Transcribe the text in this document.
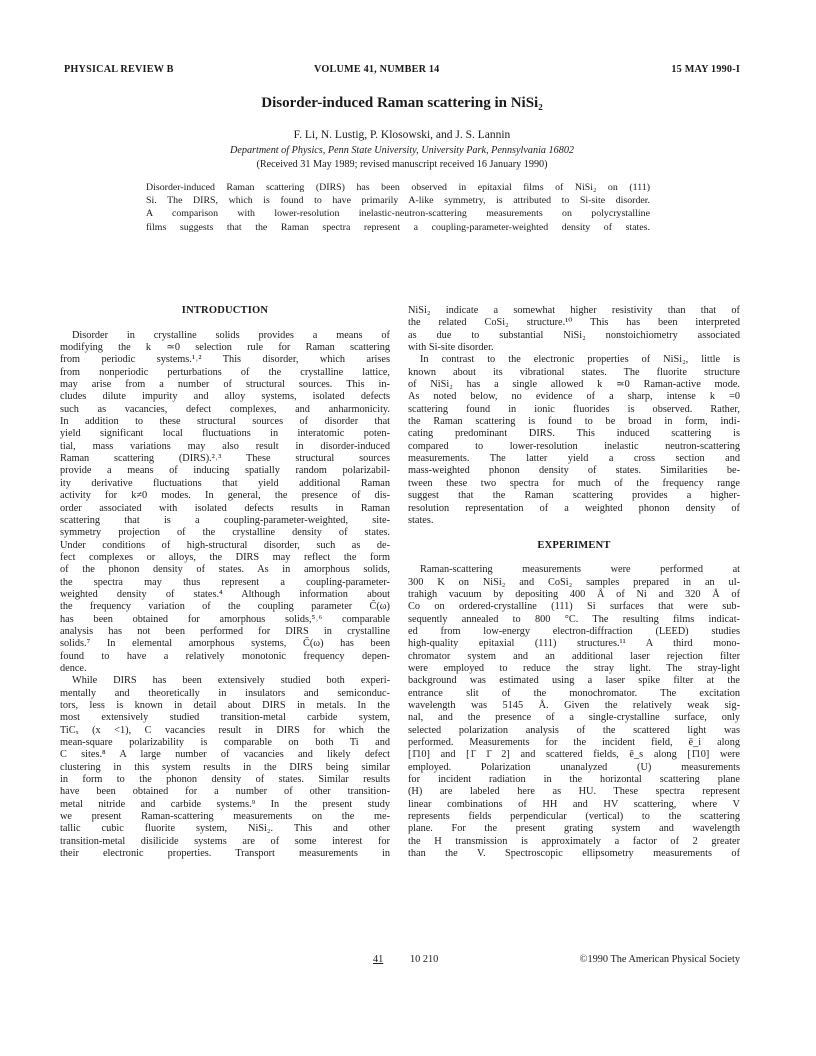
PHYSICAL REVIEW B	VOLUME 41, NUMBER 14	15 MAY 1990-I
Disorder-induced Raman scattering in NiSi₂
F. Li, N. Lustig, P. Klosowski, and J. S. Lannin
Department of Physics, Penn State University, University Park, Pennsylvania 16802
(Received 31 May 1989; revised manuscript received 16 January 1990)
Disorder-induced Raman scattering (DIRS) has been observed in epitaxial films of NiSi₂ on (111)
Si. The DIRS, which is found to have primarily A-like symmetry, is attributed to Si-site disorder.
A comparison with lower-resolution inelastic-neutron-scattering measurements on polycrystalline
films suggests that the Raman spectra represent a coupling-parameter-weighted density of states.
INTRODUCTION
Disorder in crystalline solids provides a means of
modifying the k ≃0 selection rule for Raman scattering
from periodic systems.¹˒² This disorder, which arises
from nonperiodic perturbations of the crystalline lattice,
may arise from a number of structural sources. This in-
cludes dilute impurity and alloy systems, isolated defects
such as vacancies, defect complexes, and anharmonicity.
In addition to these structural sources of disorder that
yield significant local fluctuations in interatomic poten-
tial, mass variations may also result in disorder-induced
Raman scattering (DIRS).²˒³ These structural sources
provide a means of inducing spatially random polarizabil-
ity derivative fluctuations that yield additional Raman
activity for k≠0 modes. In general, the presence of dis-
order associated with isolated defects results in Raman
scattering that is a coupling-parameter-weighted, site-
symmetry projection of the crystalline density of states.
Under conditions of high-structural disorder, such as de-
fect complexes or alloys, the DIRS may reflect the form
of the phonon density of states. As in amorphous solids,
the spectra may thus represent a coupling-parameter-
weighted density of states.⁴ Although information about
the frequency variation of the coupling parameter C̃(ω)
has been obtained for amorphous solids,⁵˒⁶ comparable
analysis has not been performed for DIRS in crystalline
solids.⁷ In elemental amorphous systems, C̃(ω) has been
found to have a relatively monotonic frequency depen-
dence.
While DIRS has been extensively studied both experi-
mentally and theoretically in insulators and semiconduc-
tors, less is known in detail about DIRS in metals. In the
most extensively studied transition-metal carbide system,
TiCₓ (x <1), C vacancies result in DIRS for which the
mean-square polarizability is comparable on both Ti and
C sites.⁸ A large number of vacancies and likely defect
clustering in this system results in the DIRS being similar
in form to the phonon density of states. Similar results
have been obtained for a number of other transition-
metal nitride and carbide systems.⁹ In the present study
we present Raman-scattering measurements on the me-
tallic cubic fluorite system, NiSi₂. This and other
transition-metal disilicide systems are of some interest for
their electronic properties. Transport measurements in
NiSi₂ indicate a somewhat higher resistivity than that of
the related CoSi₂ structure.¹⁰ This has been interpreted
as due to substantial NiSi₂ nonstoichiometry associated
with Si-site disorder.
In contrast to the electronic properties of NiSi₂, little is
known about its vibrational states. The fluorite structure
of NiSi₂ has a single allowed k ≃0 Raman-active mode.
As noted below, no evidence of a sharp, intense k =0
scattering found in ionic fluorides is observed. Rather,
the Raman scattering is found to be broad in form, indi-
cating predominant DIRS. This induced scattering is
compared to lower-resolution inelastic neutron-scattering
measurements. The latter yield a cross section and
mass-weighted phonon density of states. Similarities be-
tween these two spectra for much of the frequency range
suggest that the Raman scattering provides a higher-
resolution representation of a weighted phonon density of
states.
EXPERIMENT
Raman-scattering measurements were performed at
300 K on NiSi₂ and CoSi₂ samples prepared in an ul-
trahigh vacuum by depositing 400 Å of Ni and 320 Å of
Co on ordered-crystalline (111) Si surfaces that were sub-
sequently annealed to 800 °C. The resulting films indicat-
ed from low-energy electron-diffraction (LEED) studies
high-quality epitaxial (111) structures.¹¹ A third mono-
chromator system and an additional laser rejection filter
were employed to reduce the stray light. The stray-light
background was estimated using a laser spike filter at the
entrance slit of the monochromator. The excitation
wavelength was 5145 Å. Given the relatively weak sig-
nal, and the presence of a single-crystalline surface, only
selected polarization analysis of the scattered light was
performed. Measurements for the incident field, ē_i along
[1̄10] and [1̄ 1̄ 2] and scattered fields, ē_s along [1̄10] were
employed. Polarization unanalyzed (U) measurements
for incident radiation in the horizontal scattering plane
(H) are labeled here as HU. These spectra represent
linear combinations of HH and HV scattering, where V
represents fields perpendicular (vertical) to the scattering
plane. For the present grating system and wavelength
the H transmission is approximately a factor of 2 greater
than the V. Spectroscopic ellipsometry measurements of
41	10 210	©1990 The American Physical Society
